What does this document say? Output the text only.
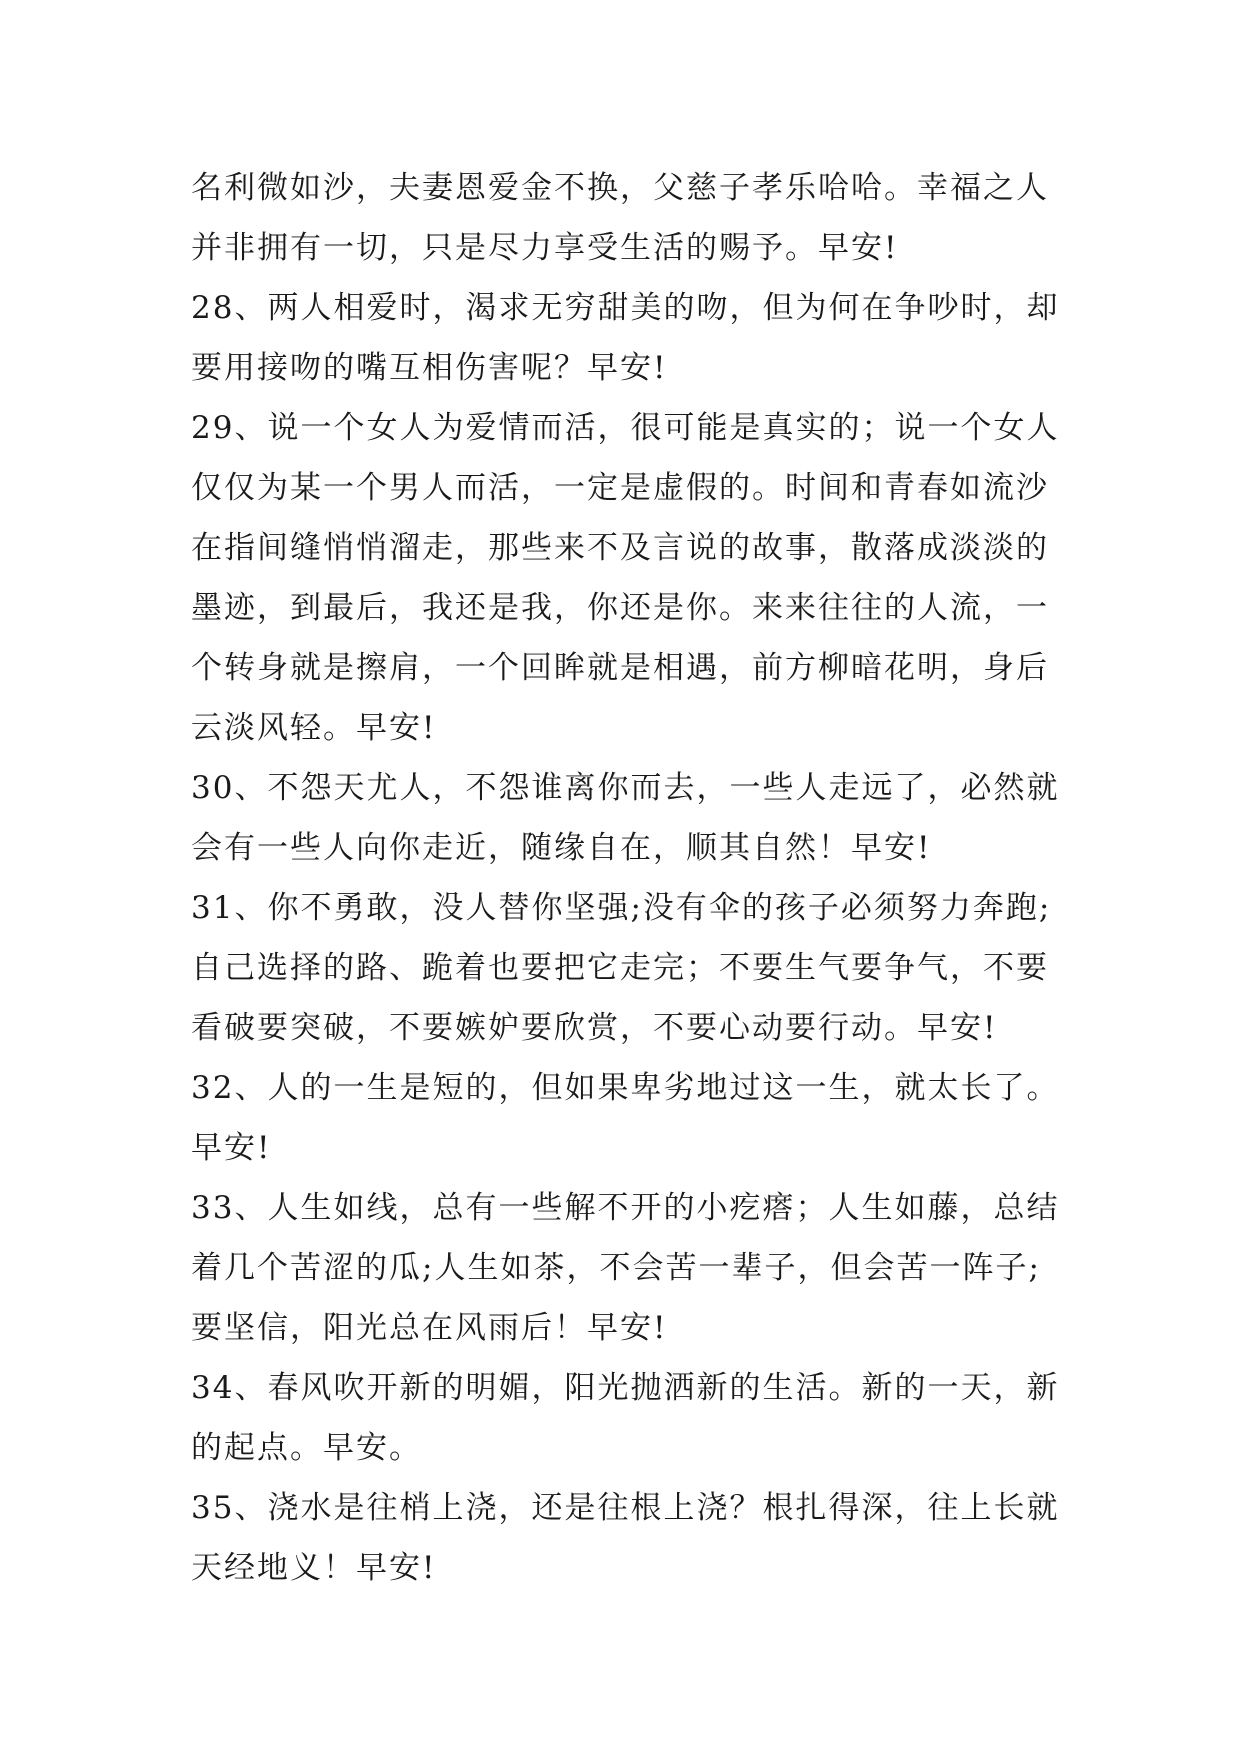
名利微如沙，夫妻恩爱金不换，父慈子孝乐哈哈。幸福之人
并非拥有一切，只是尽力享受生活的赐予。早安!
28、两人相爱时，渴求无穷甜美的吻，但为何在争吵时，却
要用接吻的嘴互相伤害呢？早安!
29、说一个女人为爱情而活，很可能是真实的；说一个女人
仅仅为某一个男人而活，一定是虚假的。时间和青春如流沙
在指间缝悄悄溜走，那些来不及言说的故事，散落成淡淡的
墨迹，到最后，我还是我，你还是你。来来往往的人流，一
个转身就是擦肩，一个回眸就是相遇，前方柳暗花明，身后
云淡风轻。早安!
30、不怨天尤人，不怨谁离你而去，一些人走远了，必然就
会有一些人向你走近，随缘自在，顺其自然！早安!
31、你不勇敢，没人替你坚强;没有伞的孩子必须努力奔跑;
自己选择的路、跪着也要把它走完；不要生气要争气，不要
看破要突破，不要嫉妒要欣赏，不要心动要行动。早安!
32、人的一生是短的，但如果卑劣地过这一生，就太长了。
早安!
33、人生如线，总有一些解不开的小疙瘩；人生如藤，总结
着几个苦涩的瓜;人生如茶，不会苦一辈子，但会苦一阵子;
要坚信，阳光总在风雨后！早安!
34、春风吹开新的明媚，阳光抛洒新的生活。新的一天，新
的起点。早安。
35、浇水是往梢上浇，还是往根上浇？根扎得深，往上长就
天经地义！早安!
